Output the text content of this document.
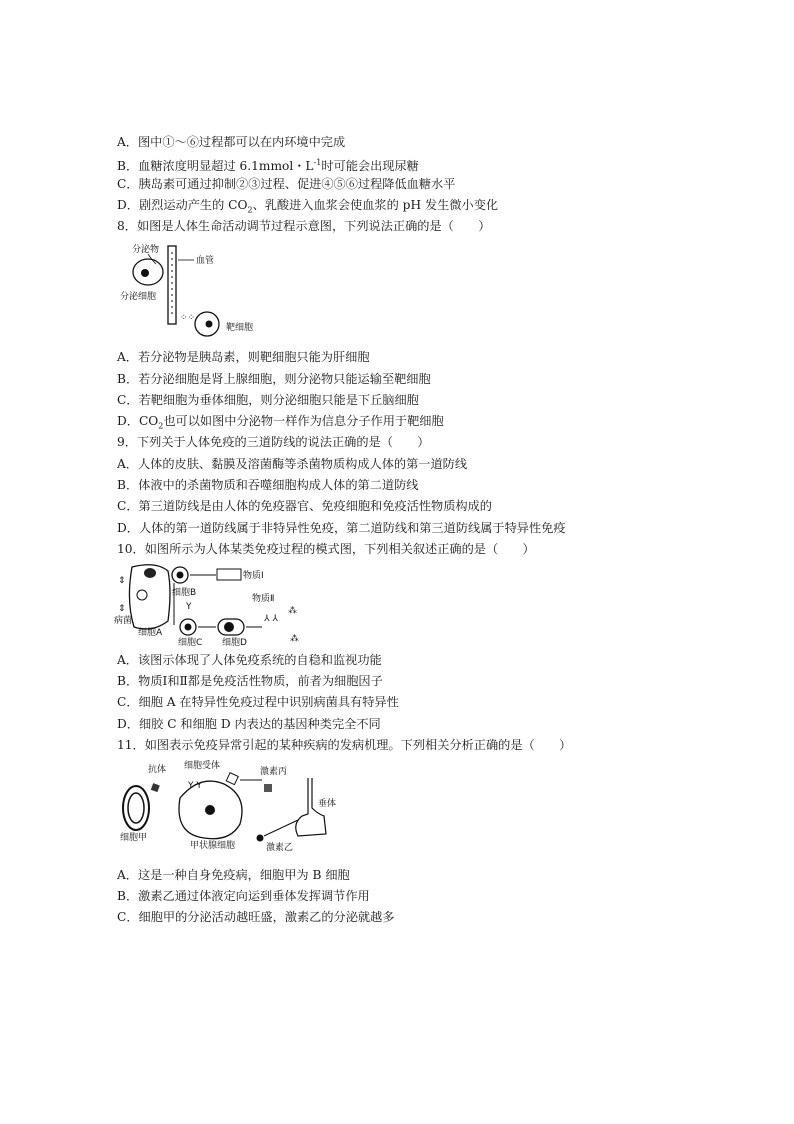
A．图中①～⑥过程都可以在内环境中完成
B．血糖浓度明显超过 6.1mmol・$L^{-1}$时可能会出现尿糖
C．胰岛素可通过抑制②③过程、促进④⑤⑥过程降低血糖水平
D．剧烈运动产生的 $CO_2$、乳酸进入血浆会使血浆的 pH 发生微小变化
8．如图是人体生命活动调节过程示意图，下列说法正确的是（　　）
分泌物
分泌细胞
血管
⁘⁘
靶细胞
A．若分泌物是胰岛素，则靶细胞只能为肝细胞
B．若分泌细胞是肾上腺细胞，则分泌物只能运输至靶细胞
C．若靶细胞为垂体细胞，则分泌细胞只能是下丘脑细胞
D．$CO_2$也可以如图中分泌物一样作为信息分子作用于靶细胞
9．下列关于人体免疫的三道防线的说法正确的是（　　）
A．人体的皮肤、黏膜及溶菌酶等杀菌物质构成人体的第一道防线
B．体液中的杀菌物质和吞噬细胞构成人体的第二道防线
C．第三道防线是由人体的免疫器官、免疫细胞和免疫活性物质构成的
D．人体的第一道防线属于非特异性免疫，第二道防线和第三道防线属于特异性免疫
10．如图所示为人体某类免疫过程的模式图，下列相关叙述正确的是（　　）
⇕
⇕
病菌
细胞A
细胞B
物质Ⅰ
Y
细胞C 细胞D
物质Ⅱ
⅄ ⅄
⁂
⁂
A．该图示体现了人体免疫系统的自稳和监视功能
B．物质Ⅰ和Ⅱ都是免疫活性物质，前者为细胞因子
C．细胞 A 在特异性免疫过程中识别病菌具有特异性
D．细胶 C 和细胞 D 内表达的基因种类完全不同
11．如图表示免疫异常引起的某种疾病的发病机理。下列相关分析正确的是（　　）
细胞甲
抗体 细胞受体
Y Y
甲状腺细胞
激素丙
激素乙
垂体
A．这是一种自身免疫病，细胞甲为 B 细胞
B．激素乙通过体液定向运到垂体发挥调节作用
C．细胞甲的分泌活动越旺盛，激素乙的分泌就越多
